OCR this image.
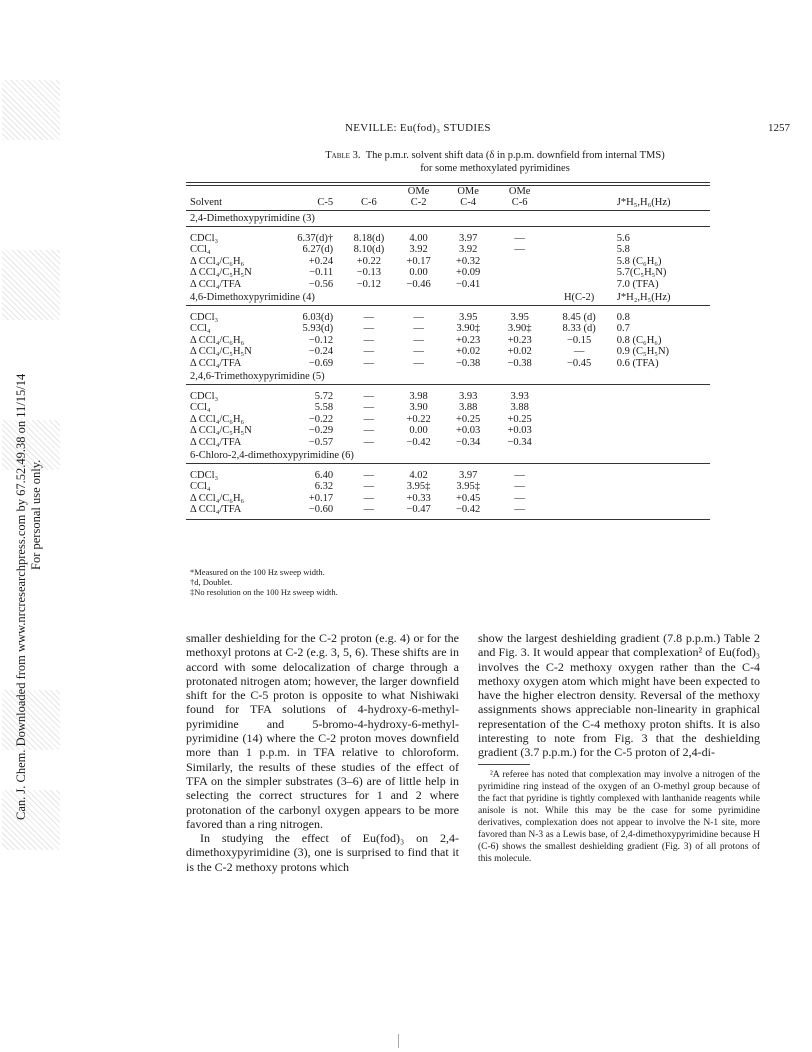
Can. J. Chem. Downloaded from www.nrcresearchpress.com by 67.52.49.38 on 11/15/14 For personal use only.
NEVILLE: Eu(fod)₃ STUDIES	1257
Table 3. The p.m.r. solvent shift data (δ in p.p.m. downfield from internal TMS)
for some methoxylated pyrimidines

			OMe	OMe	OMe		
Solvent	C-5	C-6	C-2	C-4	C-6		J*H₅,H₆(Hz)
2,4-Dimethoxypyrimidine (3)							

CDCl₃	6.37(d)†	8.18(d)	4.00	3.97	—		5.6
CCl₄	6.27(d)	8.10(d)	3.92	3.92	—		5.8
Δ CCl₄/C₆H₆	+0.24	+0.22	+0.17	+0.32			5.8 (C₆H₆)
Δ CCl₄/C₅H₅N	−0.11	−0.13	0.00	+0.09			5.7(C₅H₅N)
Δ CCl₄/TFA	−0.56	−0.12	−0.46	−0.41			7.0 (TFA)
4,6-Dimethoxypyrimidine (4)						H(C-2)	J*H₂,H₅(Hz)

CDCl₃	6.03(d)	—	—	3.95	3.95	8.45 (d)	0.8
CCl₄	5.93(d)	—	—	3.90‡	3.90‡	8.33 (d)	0.7
Δ CCl₄/C₆H₆	−0.12	—	—	+0.23	+0.23	−0.15	0.8 (C₆H₆)
Δ CCl₄/C₅H₅N	−0.24	—	—	+0.02	+0.02	—	0.9 (C₅H₅N)
Δ CCl₄/TFA	−0.69	—	—	−0.38	−0.38	−0.45	0.6 (TFA)
2,4,6-Trimethoxypyrimidine (5)							

CDCl₃	5.72	—	3.98	3.93	3.93		
CCl₄	5.58	—	3.90	3.88	3.88		
Δ CCl₄/C₆H₆	−0.22	—	+0.22	+0.25	+0.25		
Δ CCl₄/C₅H₅N	−0.29	—	0.00	+0.03	+0.03		
Δ CCl₄/TFA	−0.57	—	−0.42	−0.34	−0.34		
6-Chloro-2,4-dimethoxypyrimidine (6)							

CDCl₃	6.40	—	4.02	3.97	—		
CCl₄	6.32	—	3.95‡	3.95‡	—		
Δ CCl₄/C₆H₆	+0.17	—	+0.33	+0.45	—		
Δ CCl₄/TFA	−0.60	—	−0.47	−0.42	—		
*Measured on the 100 Hz sweep width.
†d, Doublet.
‡No resolution on the 100 Hz sweep width.

smaller deshielding for the C-2 proton (e.g. 4) or for the methoxyl protons at C-2 (e.g. 3, 5, 6). These shifts are in accord with some delocalization of charge through a protonated nitrogen atom; however, the larger downfield shift for the C-5 proton is opposite to what Nishiwaki found for TFA solutions of 4-hydroxy-6-methyl-pyrimidine and 5-bromo-4-hydroxy-6-methyl-pyrimidine (14) where the C-2 proton moves downfield more than 1 p.p.m. in TFA relative to chloroform. Similarly, the results of these studies of the effect of TFA on the simpler substrates (3–6) are of little help in selecting the correct structures for 1 and 2 where protonation of the carbonyl oxygen appears to be more favored than a ring nitrogen.

In studying the effect of Eu(fod)₃ on 2,4-dimethoxypyrimidine (3), one is surprised to find that it is the C-2 methoxy protons which

show the largest deshielding gradient (7.8 p.p.m.) Table 2 and Fig. 3. It would appear that complexation² of Eu(fod)₃ involves the C-2 methoxy oxygen rather than the C-4 methoxy oxygen atom which might have been expected to have the higher electron density. Reversal of the methoxy assignments shows appreciable non-linearity in graphical representation of the C-4 methoxy proton shifts. It is also interesting to note from Fig. 3 that the deshielding gradient (3.7 p.p.m.) for the C-5 proton of 2,4-di-

²A referee has noted that complexation may involve a nitrogen of the pyrimidine ring instead of the oxygen of an O-methyl group because of the fact that pyridine is tightly complexed with lanthanide reagents while anisole is not. While this may be the case for some pyrimidine derivatives, complexation does not appear to involve the N-1 site, more favored than N-3 as a Lewis base, of 2,4-dimethoxypyrimidine because H (C-6) shows the smallest deshielding gradient (Fig. 3) of all protons of this molecule.
